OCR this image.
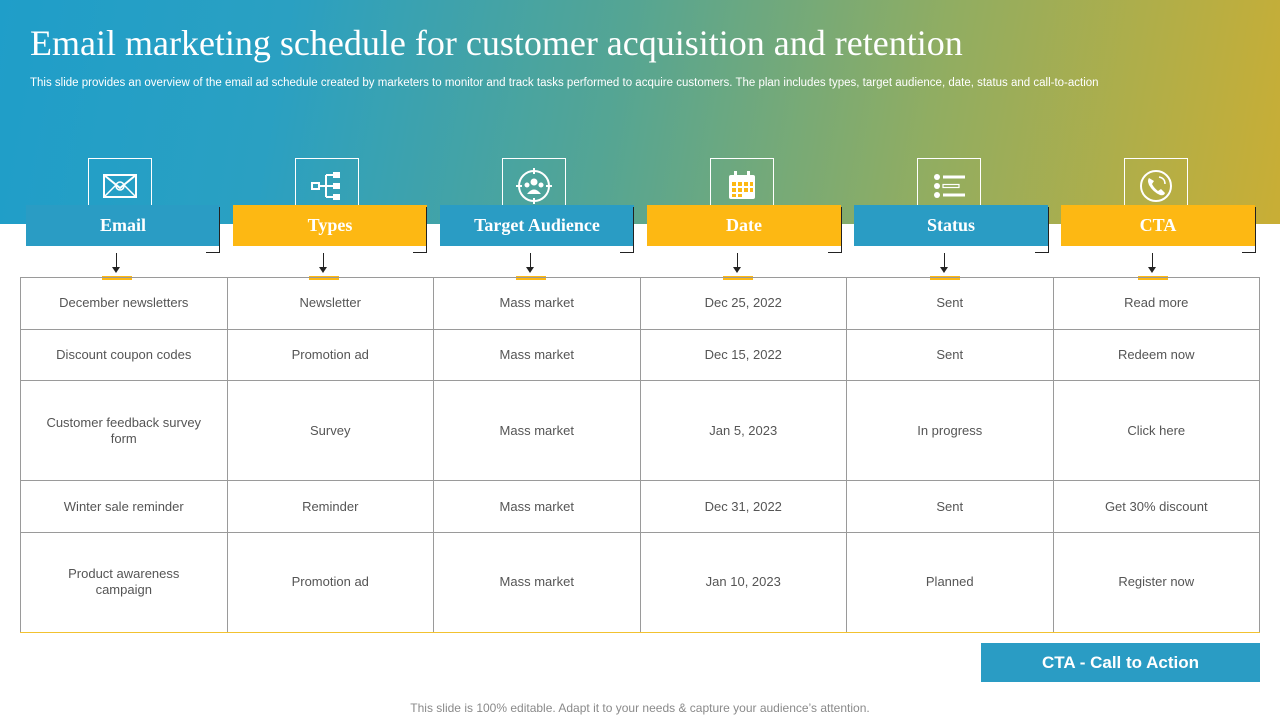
Email marketing schedule for customer acquisition and retention

This slide provides an overview of the email ad schedule created by marketers to monitor and track tasks performed to acquire customers. The plan includes types, target audience, date, status and call-to-action

Email	Types	Target Audience	Date	Status	CTA
December newsletters	Newsletter	Mass market	Dec 25, 2022	Sent	Read more
Discount coupon codes	Promotion ad	Mass market	Dec 15, 2022	Sent	Redeem now
Customer feedback survey form	Survey	Mass market	Jan 5, 2023	In progress	Click here
Winter sale reminder	Reminder	Mass market	Dec 31, 2022	Sent	Get 30% discount
Product awareness campaign	Promotion ad	Mass market	Jan 10, 2023	Planned	Register now
CTA - Call to Action

This slide is 100% editable. Adapt it to your needs & capture your audience’s attention.
